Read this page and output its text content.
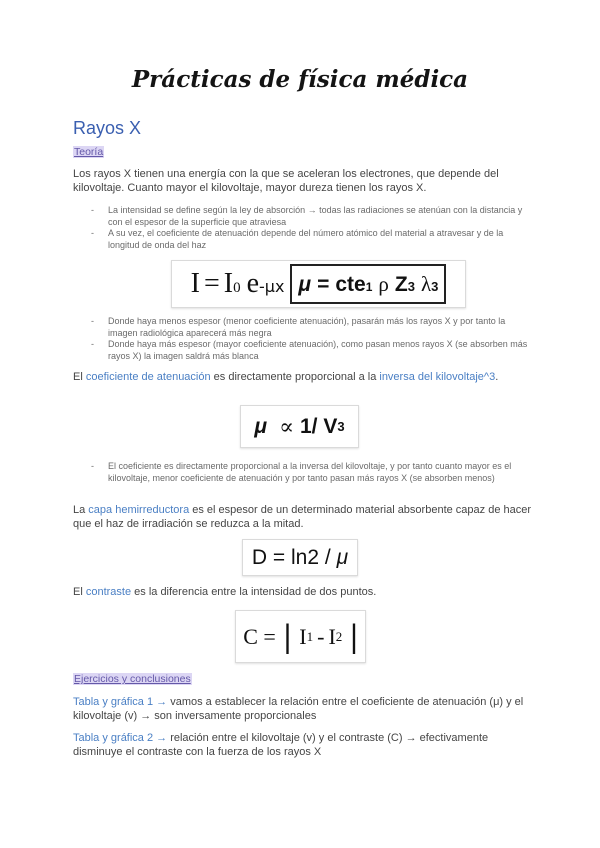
Prácticas de física médica
Rayos X
Teoría

Los rayos X tienen una energía con la que se aceleran los electrones, que depende del kilovoltaje. Cuanto mayor el kilovoltaje, mayor dureza tienen los rayos X.

- La intensidad se define según la ley de absorción → todas las radiaciones se atenúan con la distancia y con el espesor de la superficie que atraviesa
- A su vez, el coeficiente de atenuación depende del número atómico del material a atravesar y de la longitud de onda del haz
I = I 0 e -μx μ = cte 1 ρ Z 3 λ 3
- Donde haya menos espesor (menor coeficiente atenuación), pasarán más los rayos X y por tanto la imagen radiológica aparecerá más negra
- Donde haya más espesor (mayor coeficiente atenuación), como pasan menos rayos X (se absorben más rayos X) la imagen saldrá más blanca

El coeficiente de atenuación es directamente proporcional a la inversa del kilovoltaje^3.

μ ∝ 1/ V 3
- El coeficiente es directamente proporcional a la inversa del kilovoltaje, y por tanto cuanto mayor es el kilovoltaje, menor coeficiente de atenuación y por tanto pasan más rayos X (se absorben menos)

La capa hemirreductora es el espesor de un determinado material absorbente capaz de hacer que el haz de irradiación se reduzca a la mitad.

D = ln2 / μ

El contraste es la diferencia entre la intensidad de dos puntos.

C = | I 1 - I 2 |
Ejercicios y conclusiones

Tabla y gráfica 1 → vamos a establecer la relación entre el coeficiente de atenuación (μ) y el kilovoltaje (v) → son inversamente proporcionales

Tabla y gráfica 2 → relación entre el kilovoltaje (v) y el contraste (C) → efectivamente disminuye el contraste con la fuerza de los rayos X
